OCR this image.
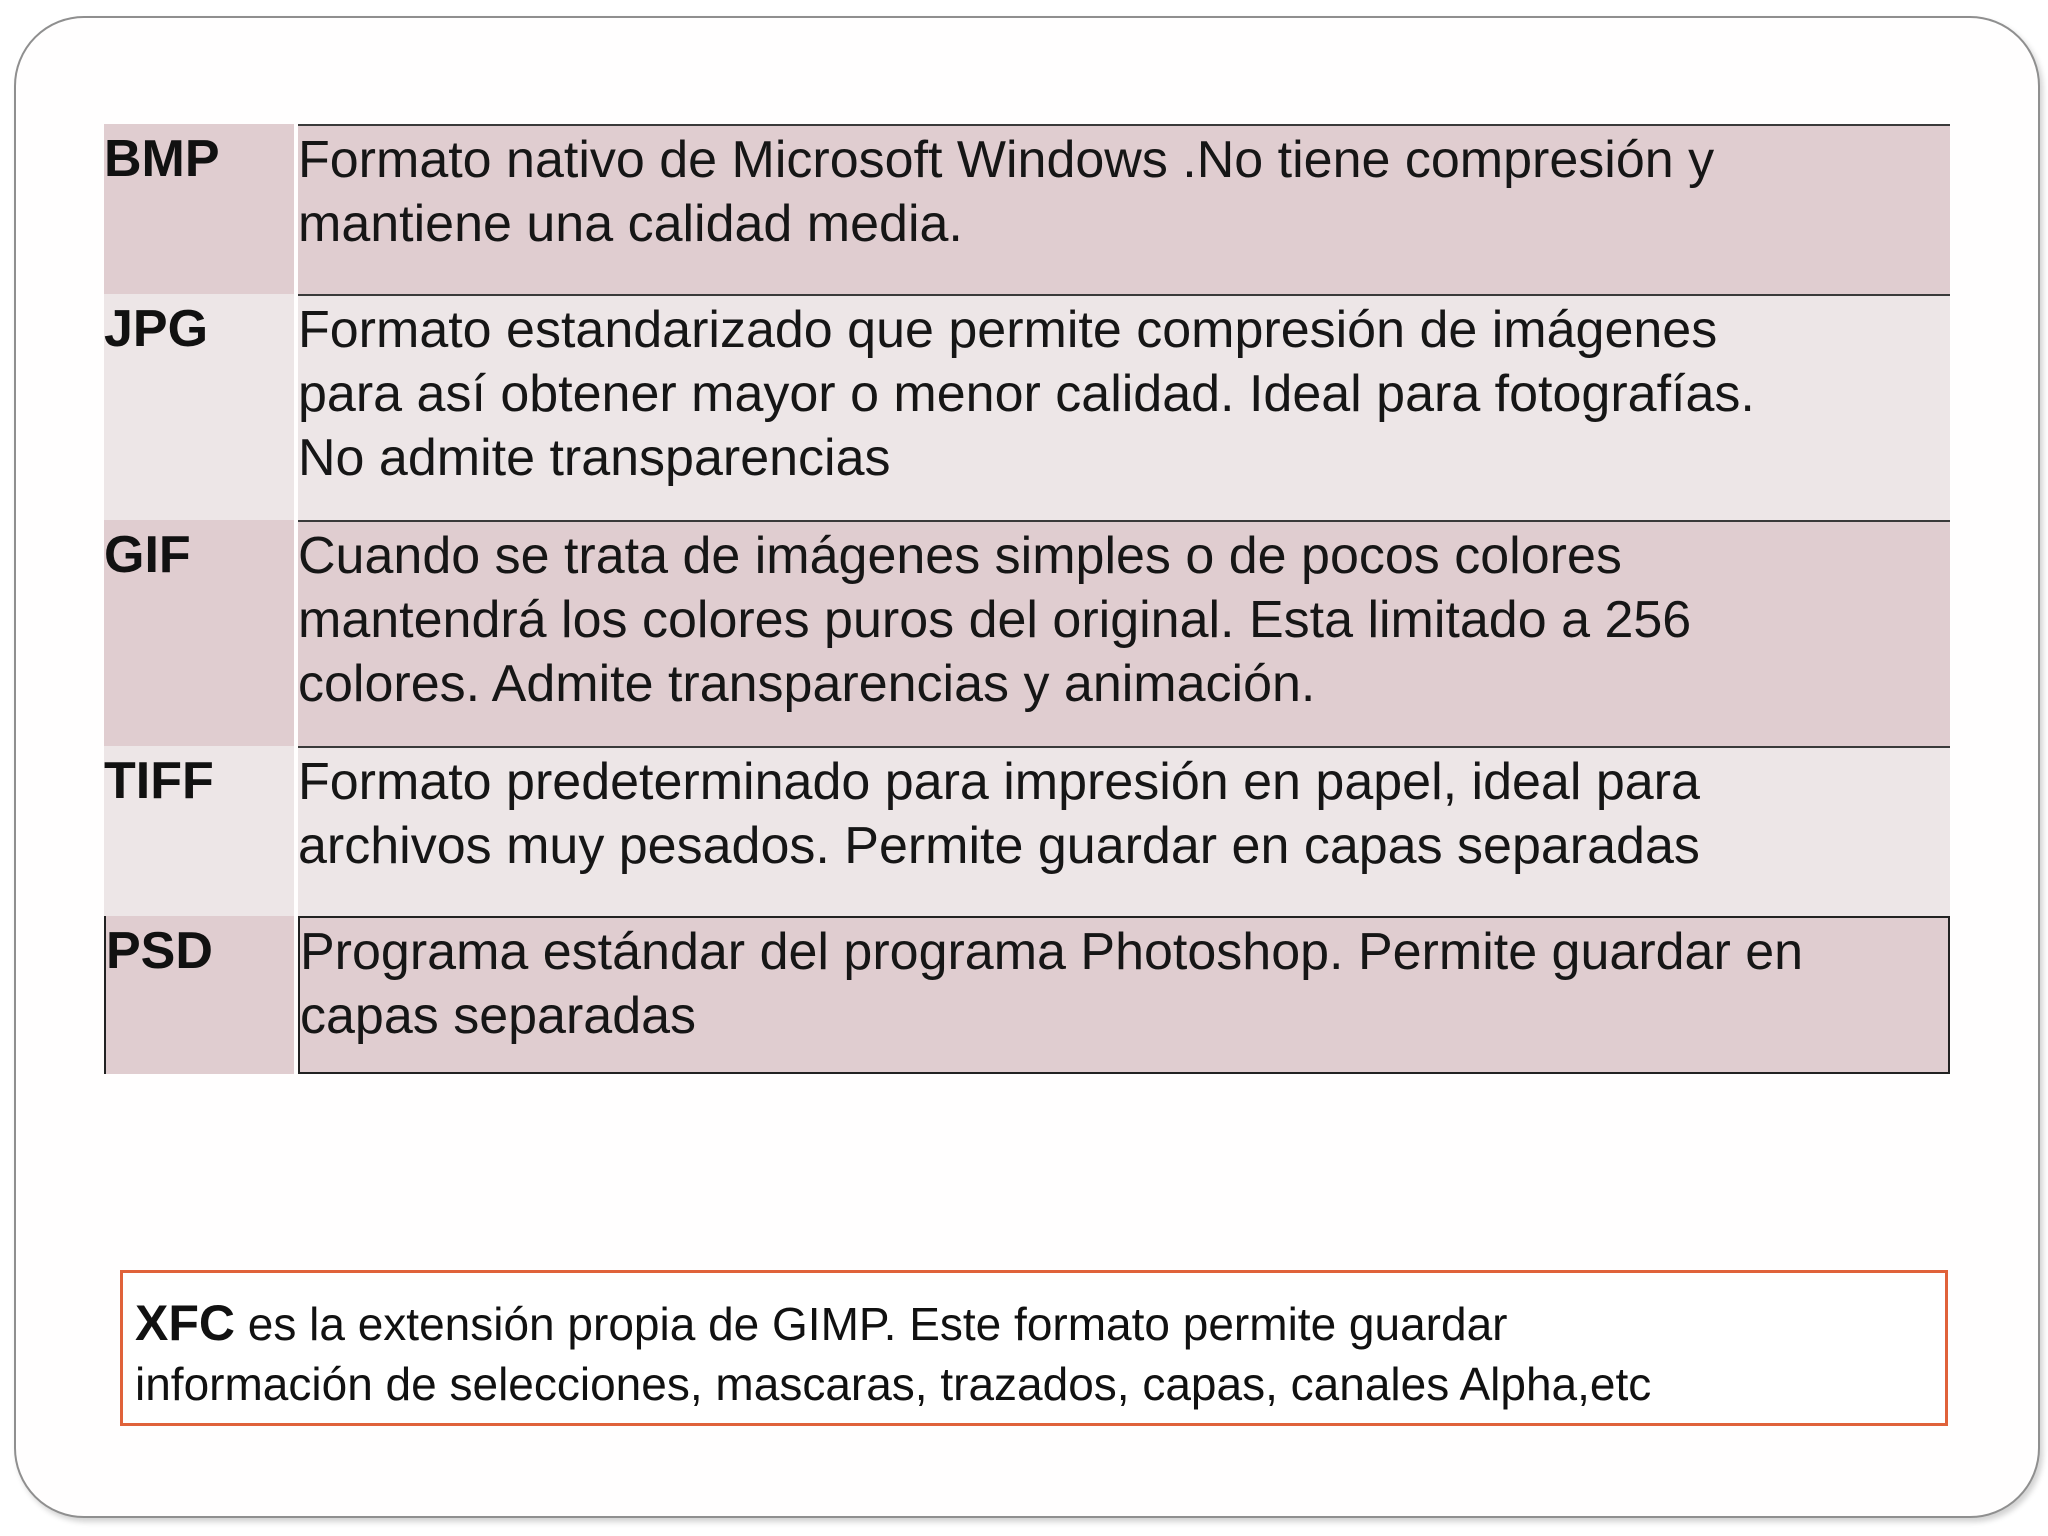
BMP	Formato nativo de Microsoft Windows .No tiene compresión y
mantiene una calidad media.
JPG	Formato estandarizado que permite compresión de imágenes
para así obtener mayor o menor calidad. Ideal para fotografías.
No admite transparencias
GIF	Cuando se trata de imágenes simples o de pocos colores
mantendrá los colores puros del original. Esta limitado a 256
colores. Admite transparencias y animación.
TIFF	Formato predeterminado para impresión en papel, ideal para
archivos muy pesados. Permite guardar en capas separadas
PSD	Programa estándar del programa Photoshop. Permite guardar en
capas separadas
XFC es la extensión propia de GIMP. Este formato permite guardar
información de selecciones, mascaras, trazados, capas, canales Alpha,etc
